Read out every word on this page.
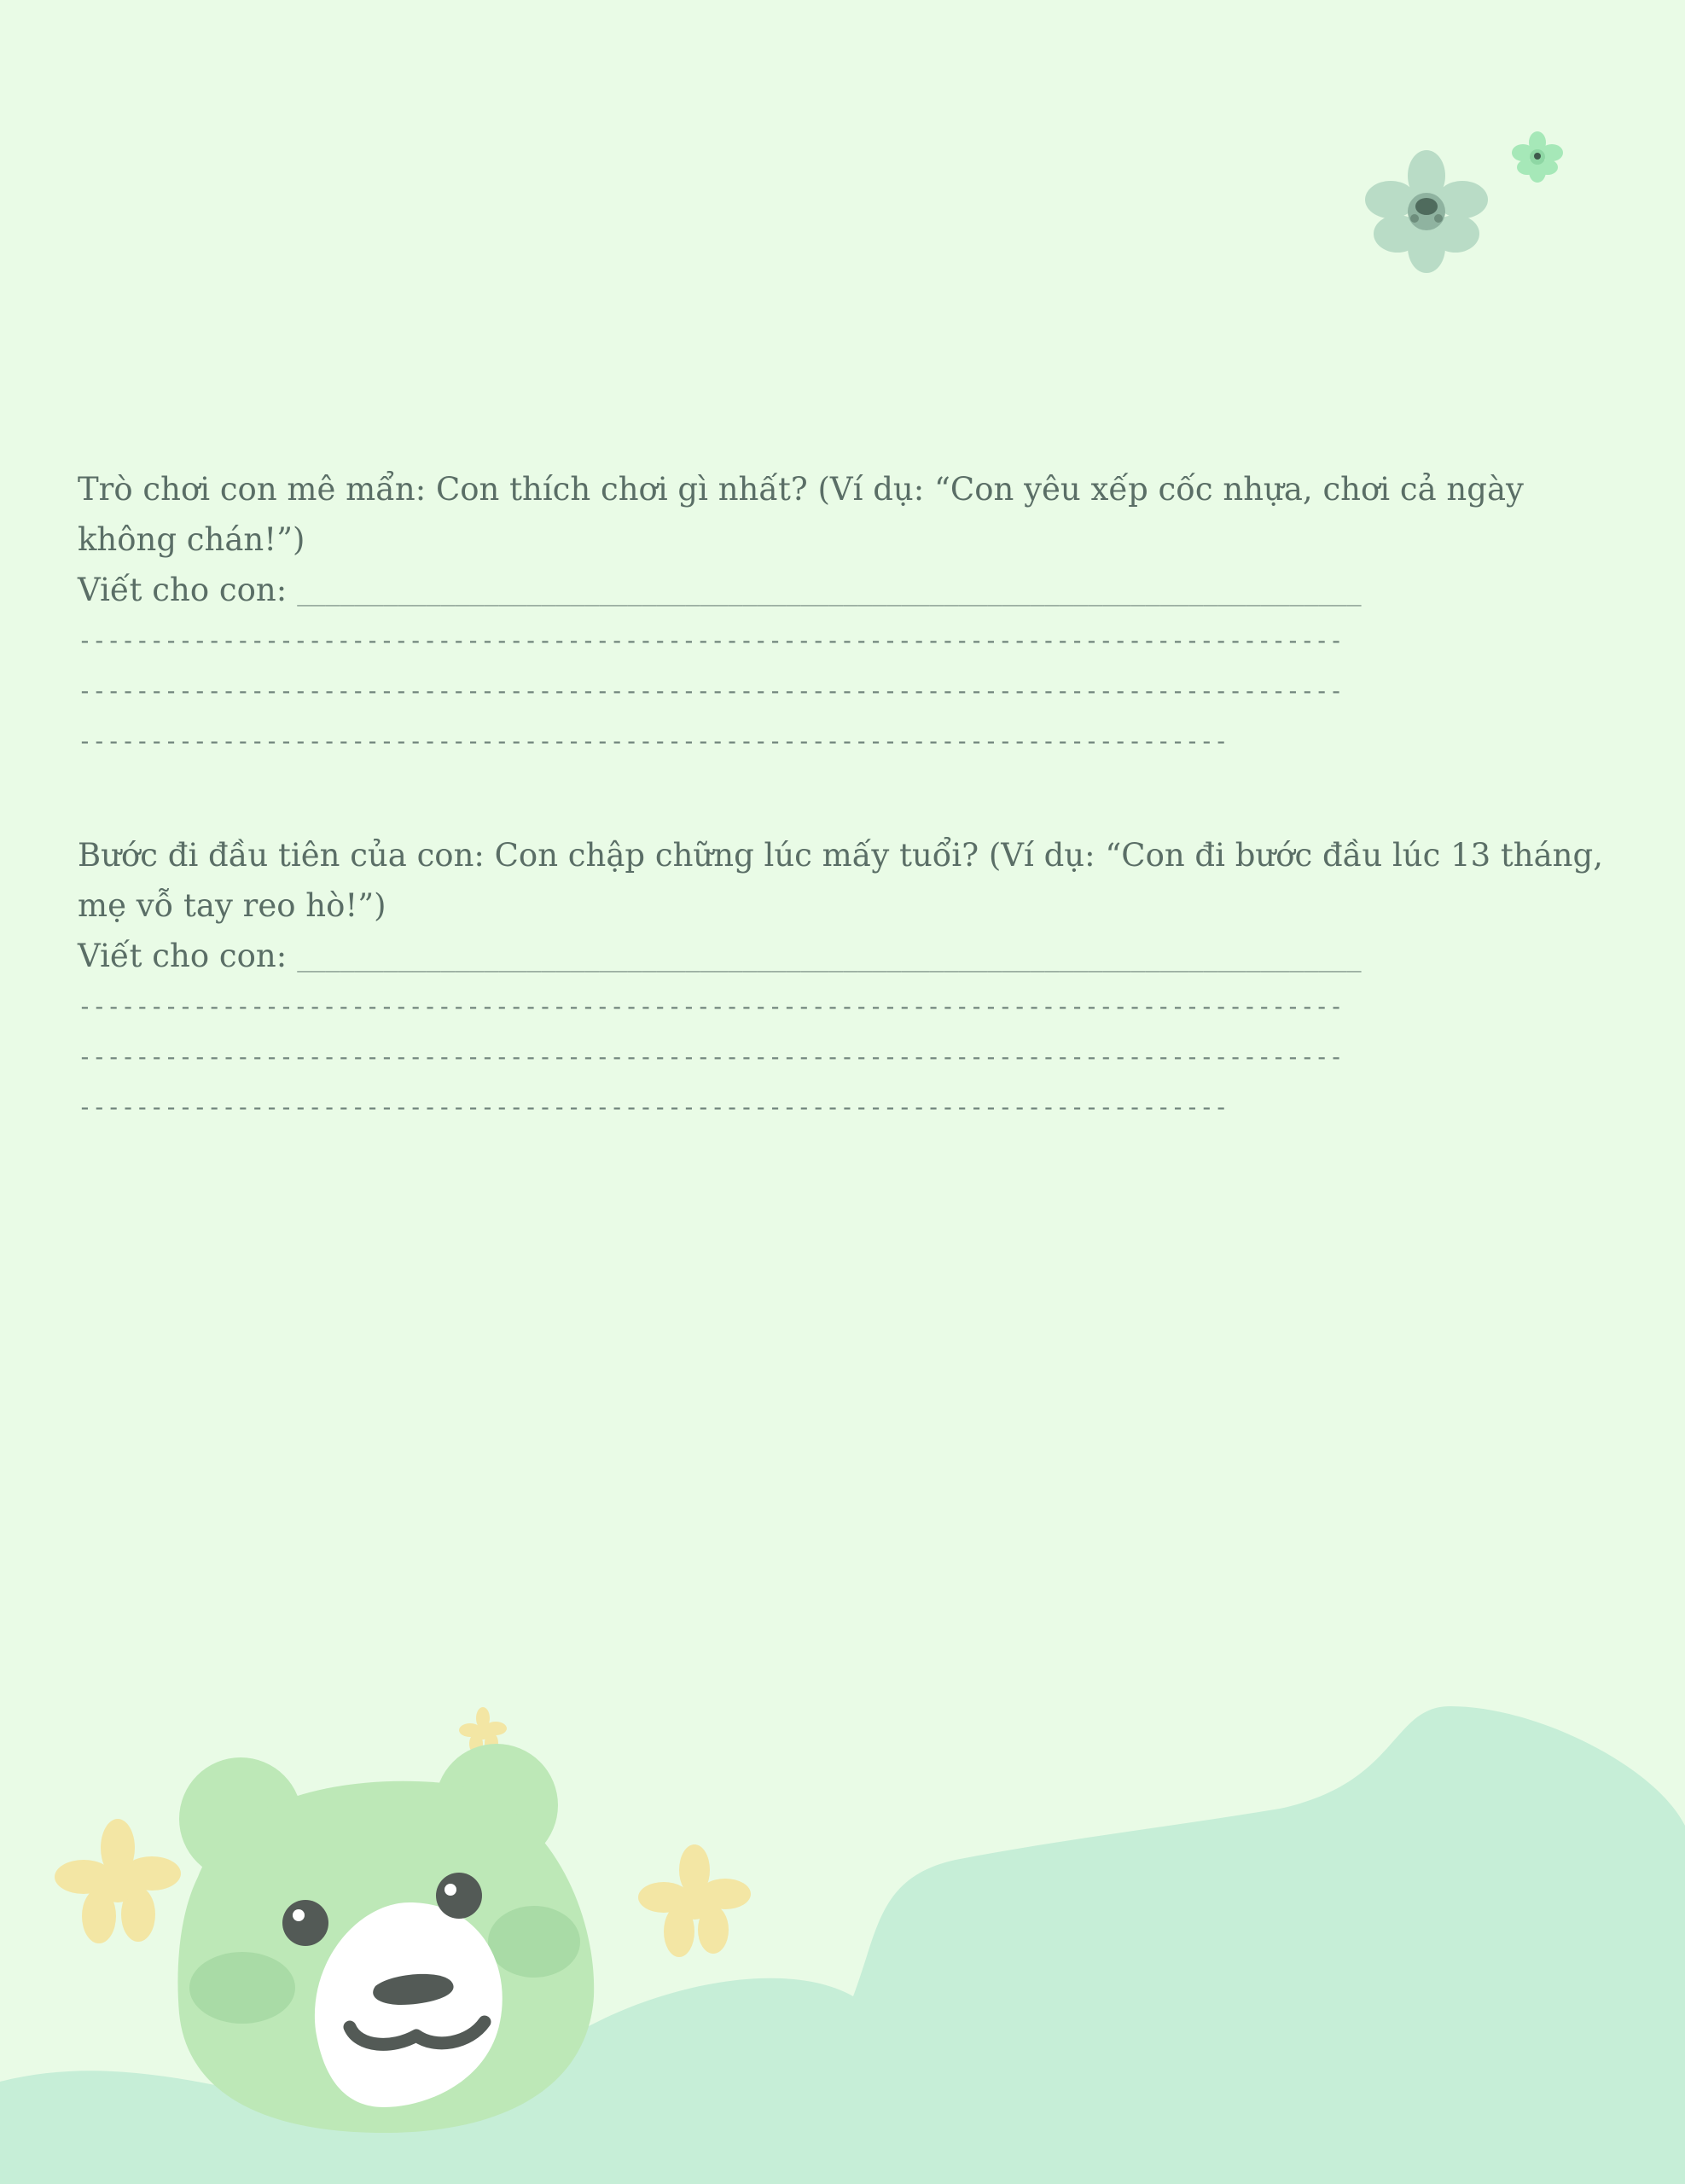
Trò chơi con mê mẩn: Con thích chơi gì nhất? (Ví dụ: “Con yêu xếp cốc nhựa, chơi cả ngày

không chán!”)

Viết cho con: __________________________________________________________________________
----------------------------------------------------------------------------------------
----------------------------------------------------------------------------------------
--------------------------------------------------------------------------------

Bước đi đầu tiên của con: Con chập chững lúc mấy tuổi? (Ví dụ: “Con đi bước đầu lúc 13 tháng,

mẹ vỗ tay reo hò!”)

Viết cho con: __________________________________________________________________________
----------------------------------------------------------------------------------------
----------------------------------------------------------------------------------------
--------------------------------------------------------------------------------
